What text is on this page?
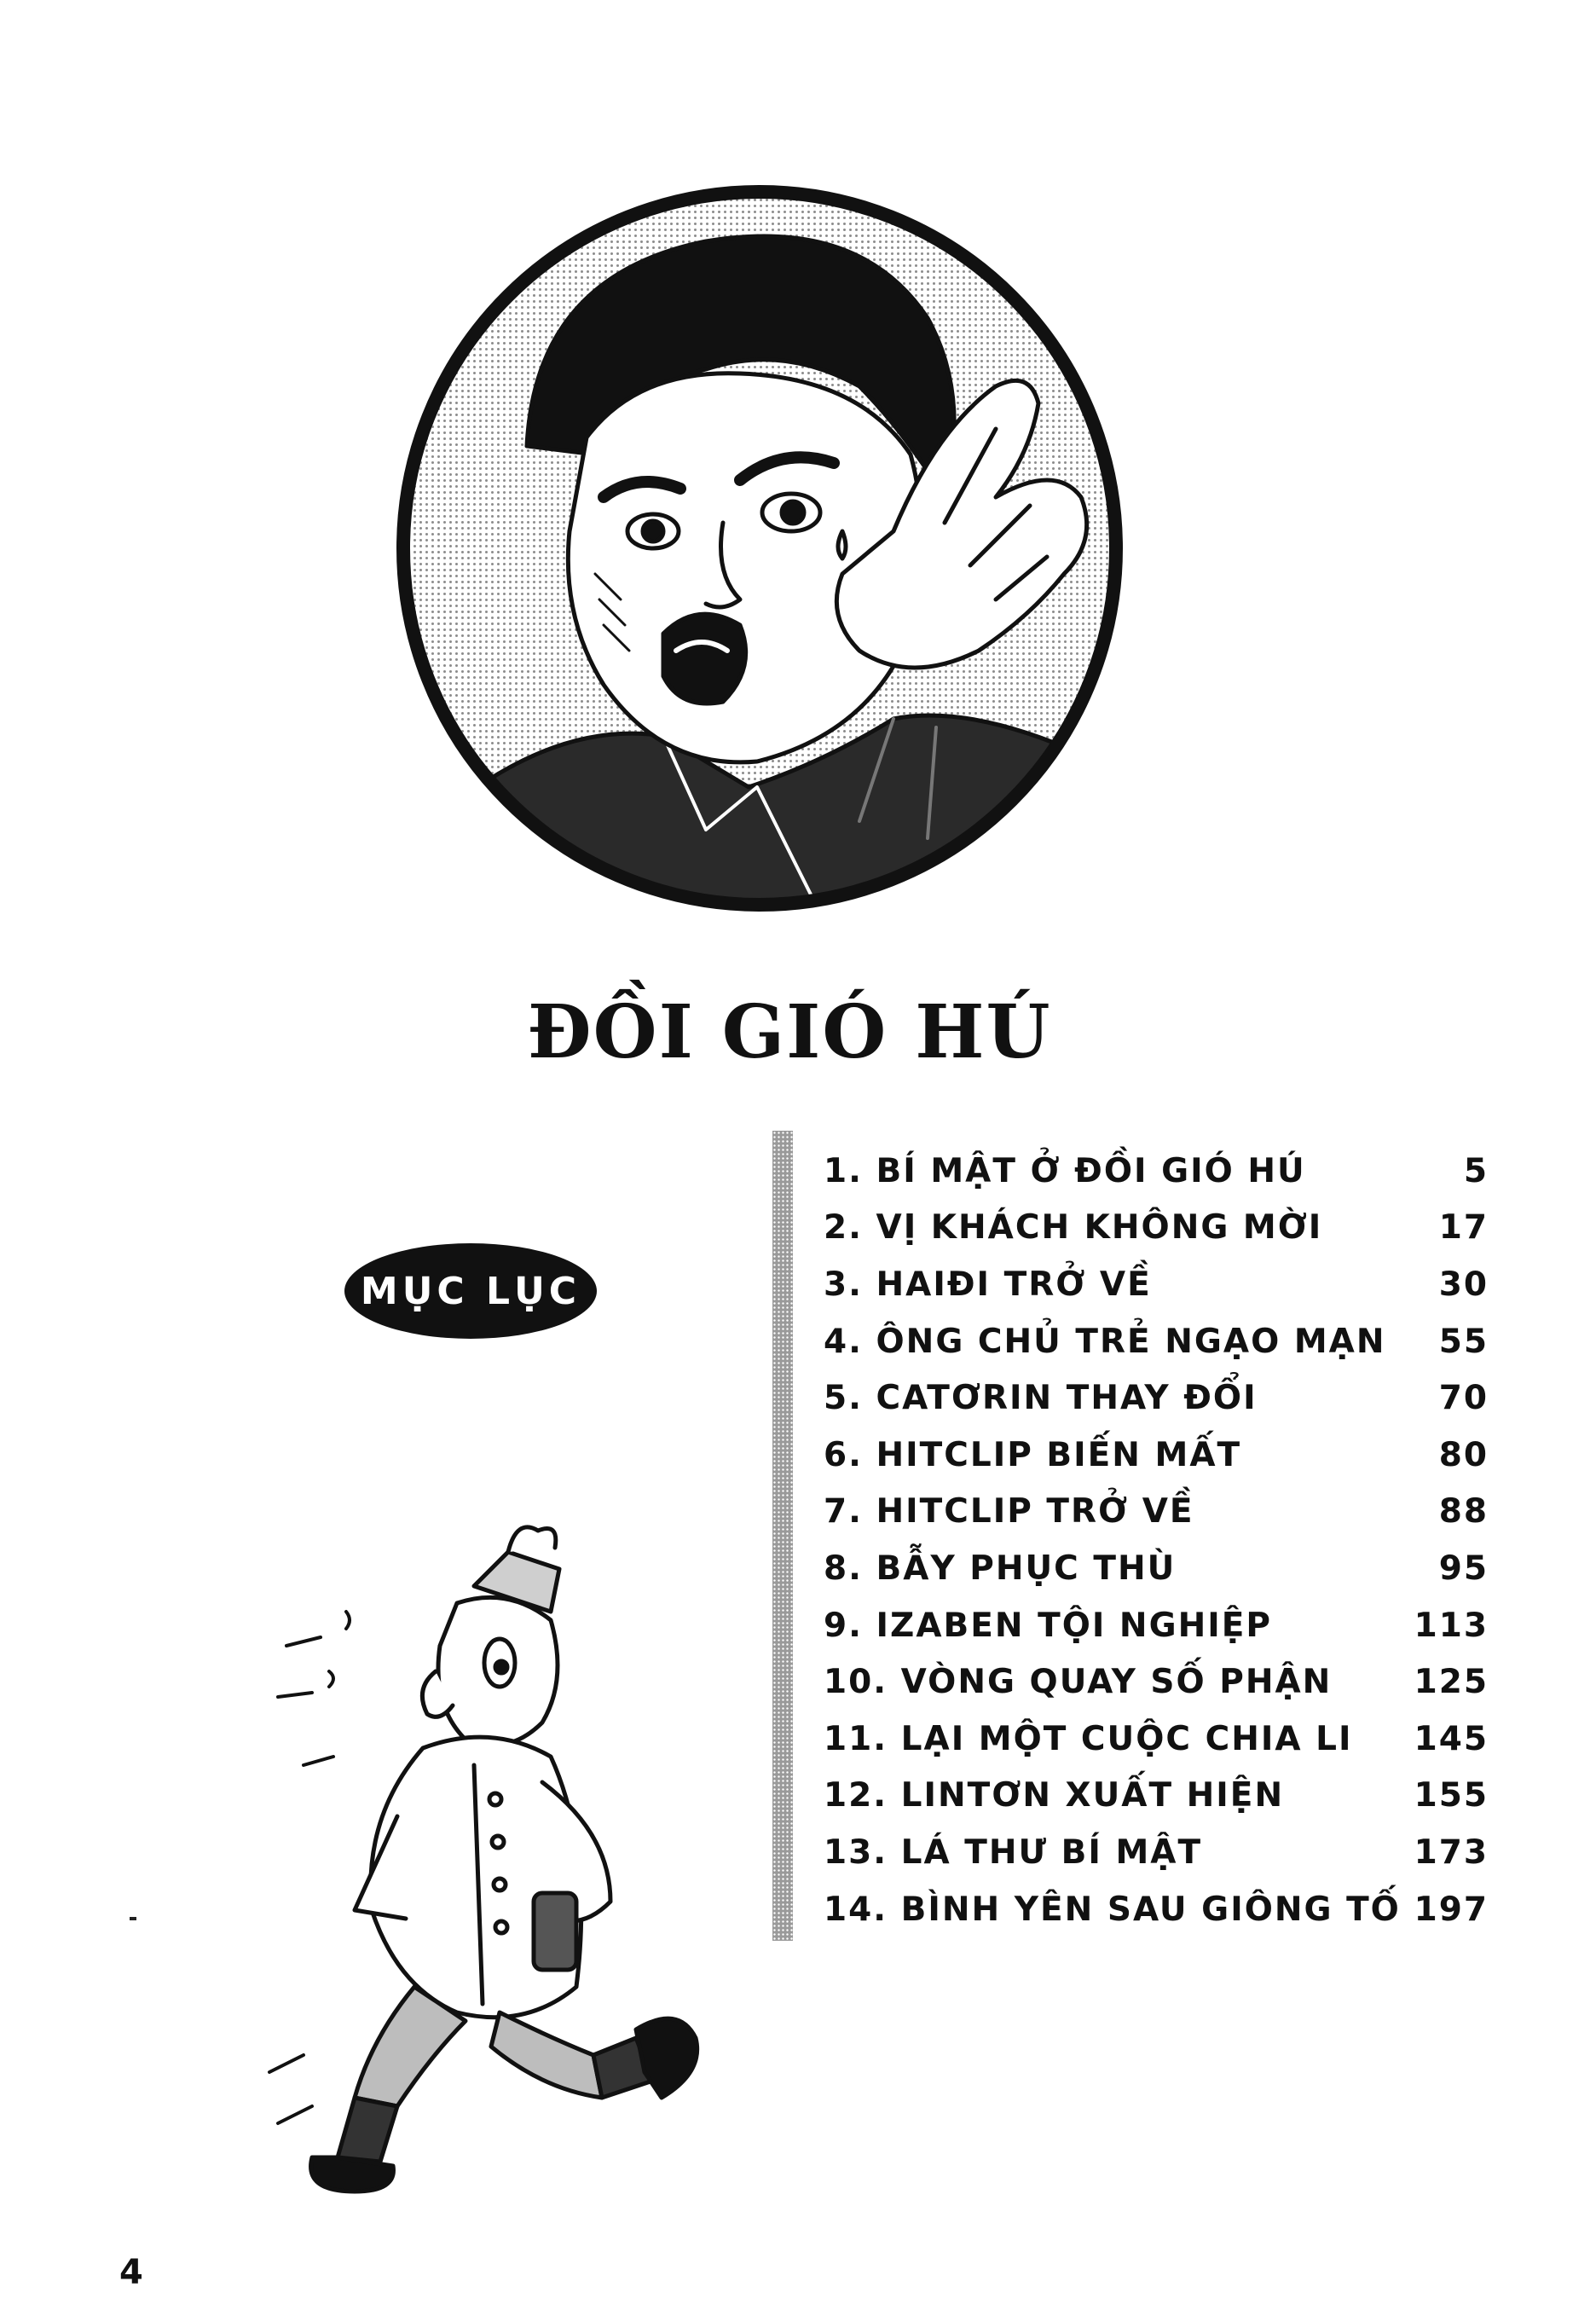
ĐỒI GIÓ HÚ
MỤC LỤC
1. BÍ MẬT Ở ĐỒI GIÓ HÚ	5
2. VỊ KHÁCH KHÔNG MỜI	17
3. HAIĐI TRỞ VỀ	30
4. ÔNG CHỦ TRẺ NGẠO MẠN	55
5. CATƠRIN THAY ĐỔI	70
6. HITCLIP BIẾN MẤT	80
7. HITCLIP TRỞ VỀ	88
8. BẪY PHỤC THÙ	95
9. IZABEN TỘI NGHIỆP	113
10. VÒNG QUAY SỐ PHẬN	125
11. LẠI MỘT CUỘC CHIA LI	145
12. LINTƠN XUẤT HIỆN	155
13. LÁ THƯ BÍ MẬT	173
14. BÌNH YÊN SAU GIÔNG TỐ 197
4
